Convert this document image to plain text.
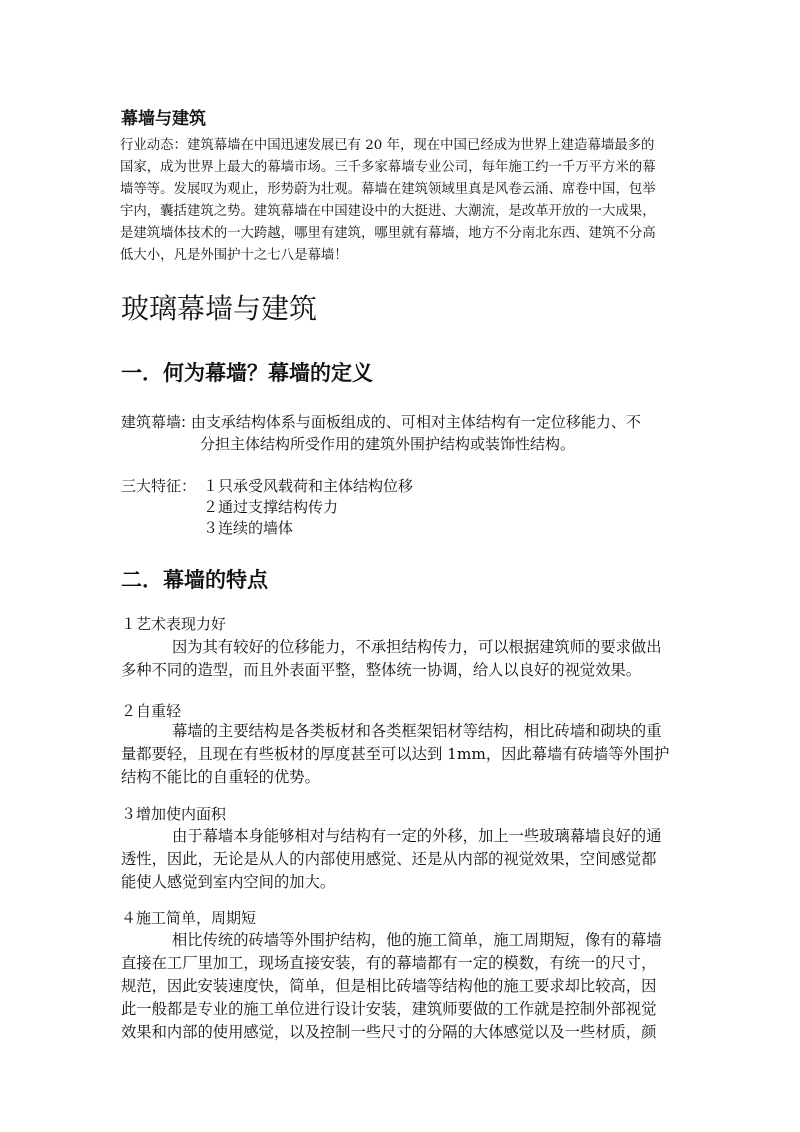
幕墙与建筑

行业动态：建筑幕墙在中国迅速发展已有 20 年，现在中国已经成为世界上建造幕墙最多的

国家，成为世界上最大的幕墙市场。三千多家幕墙专业公司，每年施工约一千万平方米的幕

墙等等。发展叹为观止，形势蔚为壮观。幕墙在建筑领域里真是风卷云涌、席卷中国，包举

宇内，囊括建筑之势。建筑幕墙在中国建设中的大挺进、大潮流，是改革开放的一大成果，

是建筑墙体技术的一大跨越，哪里有建筑，哪里就有幕墙，地方不分南北东西、建筑不分高

低大小，凡是外围护十之七八是幕墙！

玻璃幕墙与建筑
一．何为幕墙？幕墙的定义

建筑幕墙: 由支承结构体系与面板组成的、可相对主体结构有一定位移能力、不

分担主体结构所受作用的建筑外围护结构或装饰性结构。

三大特征： １只承受风载荷和主体结构位移

２通过支撑结构传力

３连续的墙体

二．幕墙的特点

１艺术表现力好

因为其有较好的位移能力，不承担结构传力，可以根据建筑师的要求做出

多种不同的造型，而且外表面平整，整体统一协调，给人以良好的视觉效果。

２自重轻

幕墙的主要结构是各类板材和各类框架铝材等结构，相比砖墙和砌块的重

量都要轻，且现在有些板材的厚度甚至可以达到 1mm，因此幕墙有砖墙等外围护

结构不能比的自重轻的优势。

３增加使内面积

由于幕墙本身能够相对与结构有一定的外移，加上一些玻璃幕墙良好的通

透性，因此，无论是从人的内部使用感觉、还是从内部的视觉效果，空间感觉都

能使人感觉到室内空间的加大。

４施工简单，周期短

相比传统的砖墙等外围护结构，他的施工简单，施工周期短，像有的幕墙

直接在工厂里加工，现场直接安装，有的幕墙都有一定的模数，有统一的尺寸，

规范，因此安装速度快，简单，但是相比砖墙等结构他的施工要求却比较高，因

此一般都是专业的施工单位进行设计安装，建筑师要做的工作就是控制外部视觉

效果和内部的使用感觉，以及控制一些尺寸的分隔的大体感觉以及一些材质，颜
